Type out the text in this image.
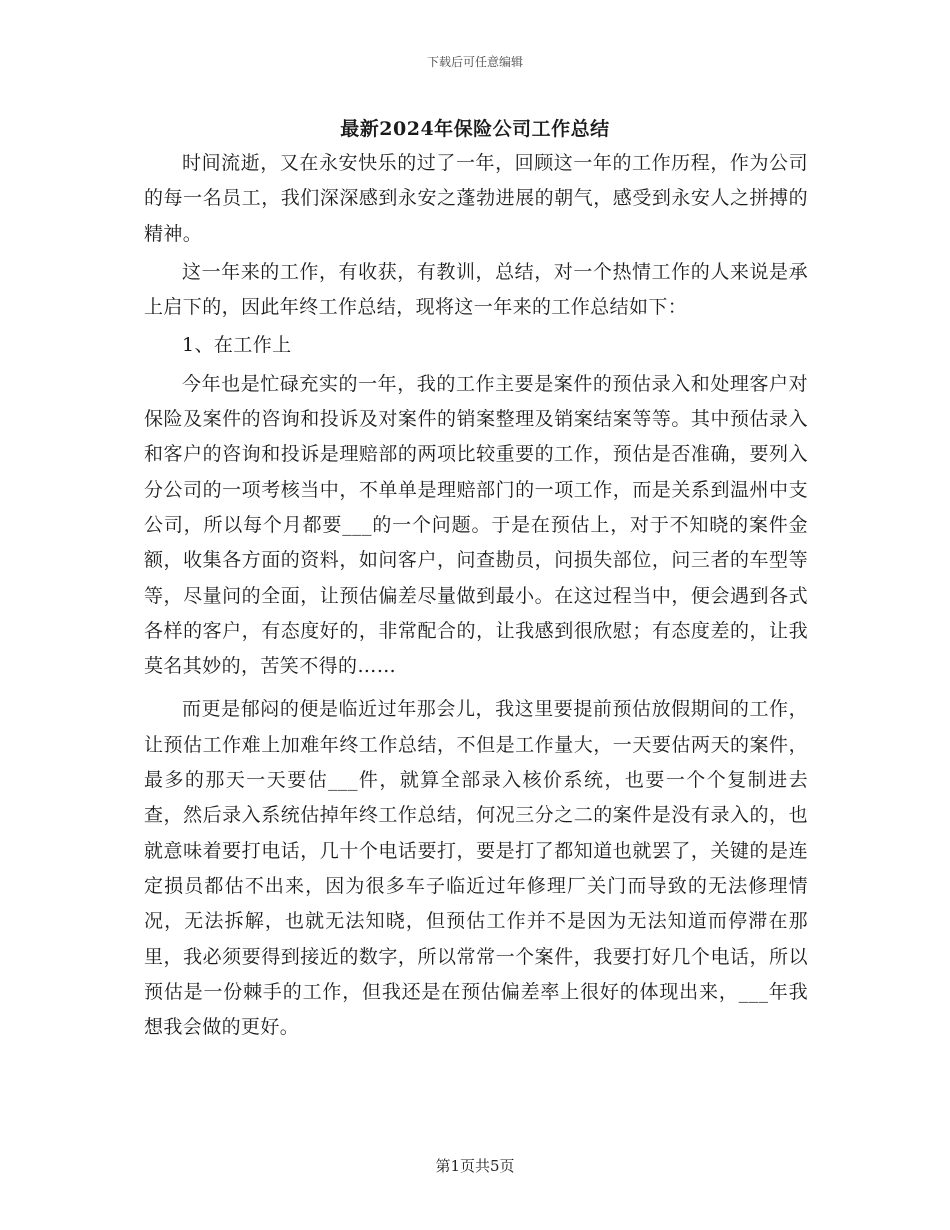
下载后可任意编辑
最新2024年保险公司工作总结

时间流逝，又在永安快乐的过了一年，回顾这一年的工作历程，作为公司的每一名员工，我们深深感到永安之蓬勃进展的朝气，感受到永安人之拼搏的精神。

这一年来的工作，有收获，有教训，总结，对一个热情工作的人来说是承上启下的，因此年终工作总结，现将这一年来的工作总结如下：

1、在工作上

今年也是忙碌充实的一年，我的工作主要是案件的预估录入和处理客户对保险及案件的咨询和投诉及对案件的销案整理及销案结案等等。其中预估录入和客户的咨询和投诉是理赔部的两项比较重要的工作，预估是否准确，要列入分公司的一项考核当中，不单单是理赔部门的一项工作，而是关系到温州中支公司，所以每个月都要___的一个问题。于是在预估上，对于不知晓的案件金额，收集各方面的资料，如问客户，问查勘员，问损失部位，问三者的车型等等，尽量问的全面，让预估偏差尽量做到最小。在这过程当中，便会遇到各式各样的客户，有态度好的，非常配合的，让我感到很欣慰；有态度差的，让我莫名其妙的，苦笑不得的……

而更是郁闷的便是临近过年那会儿，我这里要提前预估放假期间的工作，让预估工作难上加难年终工作总结，不但是工作量大，一天要估两天的案件，最多的那天一天要估___件，就算全部录入核价系统，也要一个个复制进去查，然后录入系统估掉年终工作总结，何况三分之二的案件是没有录入的，也就意味着要打电话，几十个电话要打，要是打了都知道也就罢了，关键的是连定损员都估不出来，因为很多车子临近过年修理厂关门而导致的无法修理情况，无法拆解，也就无法知晓，但预估工作并不是因为无法知道而停滞在那里，我必须要得到接近的数字，所以常常一个案件，我要打好几个电话，所以预估是一份棘手的工作，但我还是在预估偏差率上很好的体现出来，___年我想我会做的更好。

第1页共5页
